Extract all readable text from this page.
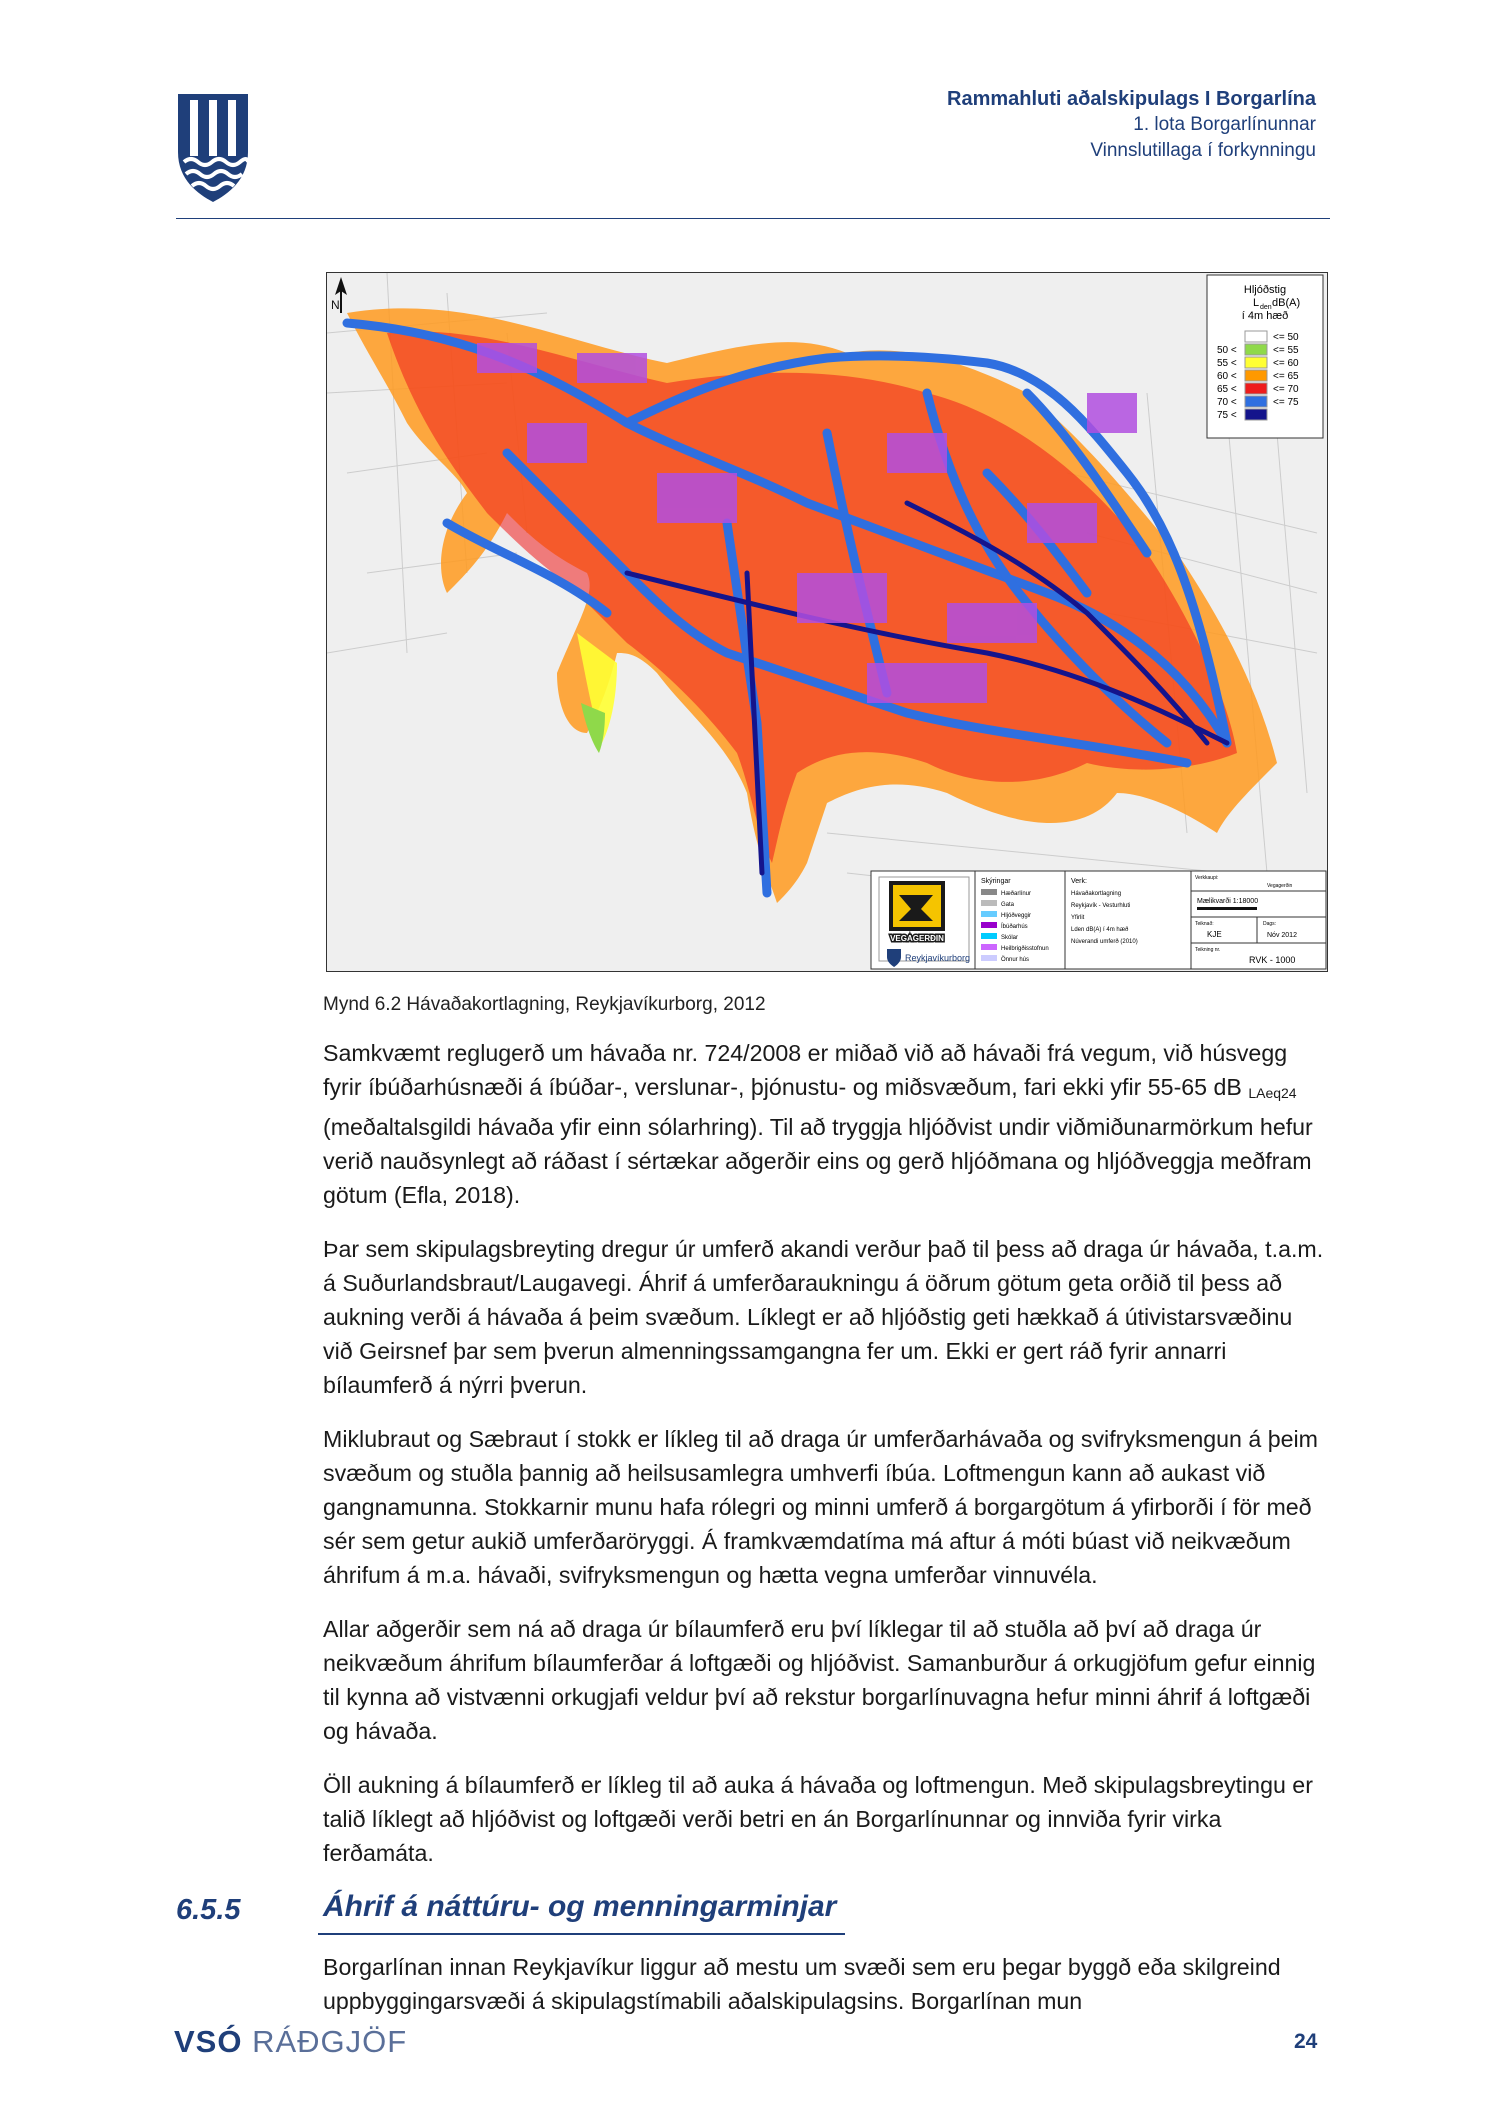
Rammahluti aðalskipulags I Borgarlína
1. lota Borgarlínunnar
Vinnslutillaga í forkynningu
N
Hljóðstig
L den dB(A)
í 4m hæð
<= 50
50 <	<= 55
55 <	<= 60
60 <	<= 65
65 <	<= 70
70 <	<= 75
75 <
VEGAGERÐIN
Reykjavíkurborg
Skýringar
Hæðarlínur
Gata
Hljóðveggir
Íbúðarhús
Skólar
Heilbrigðisstofnun
Önnur hús
Verk:
Hávaðakortlagning
Reykjavík - Vesturhluti
Yfirlit
Lden dB(A) í 4m hæð
Núverandi umferð (2010)
Verkkaupi:
Vegagerðin
Mælikvarði 1:18000
Teiknað:
KJE
Dags:
Nóv 2012
Teikning nr.
RVK - 1000
Mynd 6.2 Hávaðakortlagning, Reykjavíkurborg, 2012

Samkvæmt reglugerð um hávaða nr. 724/2008 er miðað við að hávaði frá vegum, við húsvegg fyrir íbúðarhúsnæði á íbúðar-, verslunar-, þjónustu- og miðsvæðum, fari ekki yfir 55-65 dB $_{LAeq24}$ (meðaltalsgildi hávaða yfir einn sólarhring). Til að tryggja hljóðvist undir viðmiðunarmörkum hefur verið nauðsynlegt að ráðast í sértækar aðgerðir eins og gerð hljóðmana og hljóðveggja meðfram götum (Efla, 2018).

Þar sem skipulagsbreyting dregur úr umferð akandi verður það til þess að draga úr hávaða, t.a.m. á Suðurlandsbraut/Laugavegi. Áhrif á umferðaraukningu á öðrum götum geta orðið til þess að aukning verði á hávaða á þeim svæðum. Líklegt er að hljóðstig geti hækkað á útivistarsvæðinu við Geirsnef þar sem þverun almenningssamgangna fer um. Ekki er gert ráð fyrir annarri bílaumferð á nýrri þverun.

Miklubraut og Sæbraut í stokk er líkleg til að draga úr umferðarhávaða og svifryksmengun á þeim svæðum og stuðla þannig að heilsusamlegra umhverfi íbúa. Loftmengun kann að aukast við gangnamunna. Stokkarnir munu hafa rólegri og minni umferð á borgargötum á yfirborði í för með sér sem getur aukið umferðaröryggi. Á framkvæmdatíma má aftur á móti búast við neikvæðum áhrifum á m.a. hávaði, svifryksmengun og hætta vegna umferðar vinnuvéla.

Allar aðgerðir sem ná að draga úr bílaumferð eru því líklegar til að stuðla að því að draga úr neikvæðum áhrifum bílaumferðar á loftgæði og hljóðvist. Samanburður á orkugjöfum gefur einnig til kynna að vistvænni orkugjafi veldur því að rekstur borgarlínuvagna hefur minni áhrif á loftgæði og hávaða.

Öll aukning á bílaumferð er líkleg til að auka á hávaða og loftmengun. Með skipulagsbreytingu er talið líklegt að hljóðvist og loftgæði verði betri en án Borgarlínunnar og innviða fyrir virka ferðamáta.

6.5.5	Áhrif á náttúru- og menningarminjar

Borgarlínan innan Reykjavíkur liggur að mestu um svæði sem eru þegar byggð eða skilgreind uppbyggingarsvæði á skipulagstímabili aðalskipulagsins. Borgarlínan mun

VSÓ RÁÐGJÖF	24
